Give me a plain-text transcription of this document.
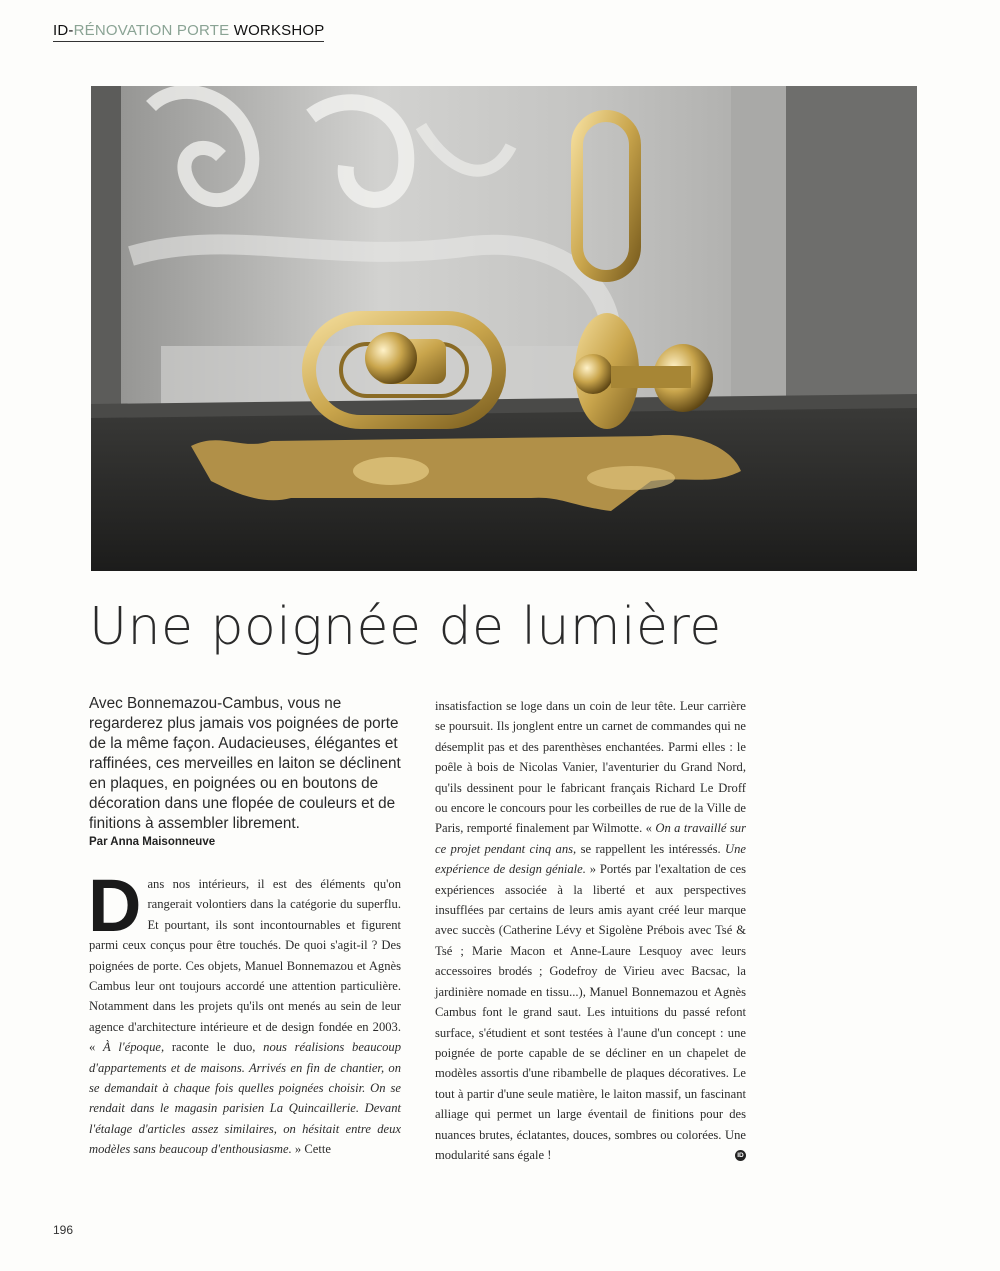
ID-RÉNOVATION PORTE WORKSHOP
Une poignée de lumière

Avec Bonnemazou-Cambus, vous ne regarderez plus jamais vos poignées de porte de la même façon. Audacieuses, élégantes et raffinées, ces merveilles en laiton se déclinent en plaques, en poignées ou en boutons de décoration dans une flopée de couleurs et de finitions à assembler librement.

Par Anna Maisonneuve

Dans nos intérieurs, il est des éléments qu'on rangerait volontiers dans la catégorie du superflu. Et pourtant, ils sont incontournables et figurent parmi ceux conçus pour être touchés. De quoi s'agit-il ? Des poignées de porte. Ces objets, Manuel Bonnemazou et Agnès Cambus leur ont toujours accordé une attention particulière. Notamment dans les projets qu'ils ont menés au sein de leur agence d'architecture intérieure et de design fondée en 2003. « À l'époque, raconte le duo, nous réalisions beaucoup d'appartements et de maisons. Arrivés en fin de chantier, on se demandait à chaque fois quelles poignées choisir. On se rendait dans le magasin parisien La Quincaillerie. Devant l'étalage d'articles assez similaires, on hésitait entre deux modèles sans beaucoup d'enthousiasme. » Cette

insatisfaction se loge dans un coin de leur tête. Leur carrière se poursuit. Ils jonglent entre un carnet de commandes qui ne désemplit pas et des parenthèses enchantées. Parmi elles : le poêle à bois de Nicolas Vanier, l'aventurier du Grand Nord, qu'ils dessinent pour le fabricant français Richard Le Droff ou encore le concours pour les corbeilles de rue de la Ville de Paris, remporté finalement par Wilmotte. « On a travaillé sur ce projet pendant cinq ans, se rappellent les intéressés. Une expérience de design géniale. » Portés par l'exaltation de ces expériences associée à la liberté et aux perspectives insufflées par certains de leurs amis ayant créé leur marque avec succès (Catherine Lévy et Sigolène Prébois avec Tsé & Tsé ; Marie Macon et Anne-Laure Lesquoy avec leurs accessoires brodés ; Godefroy de Virieu avec Bacsac, la jardinière nomade en tissu...), Manuel Bonnemazou et Agnès Cambus font le grand saut. Les intuitions du passé refont surface, s'étudient et sont testées à l'aune d'un concept : une poignée de porte capable de se décliner en un chapelet de modèles assortis d'une ribambelle de plaques décoratives. Le tout à partir d'une seule matière, le laiton massif, un fascinant alliage qui permet un large éventail de finitions pour des nuances brutes, éclatantes, douces, sombres ou colorées. Une modularité sans égale !	ID

196
